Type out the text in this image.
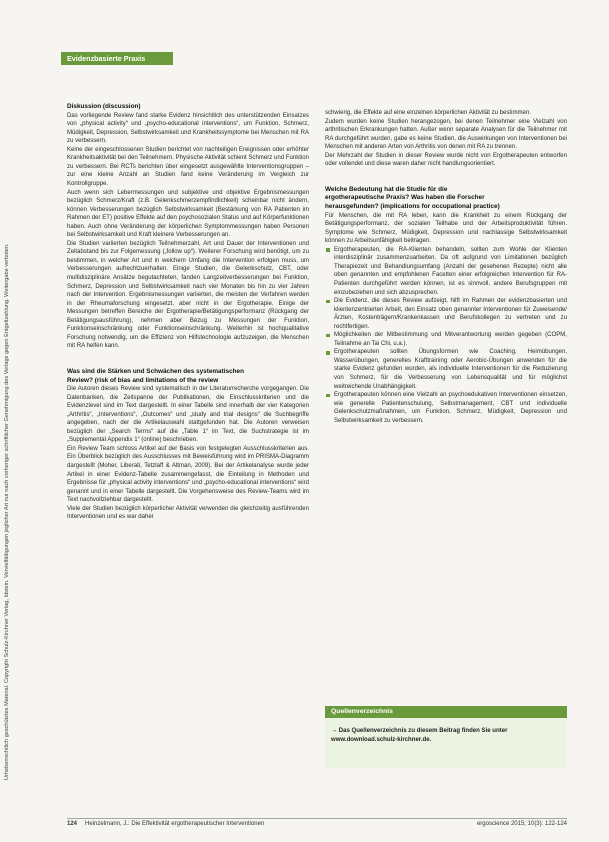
Evidenzbasierte Praxis
Urheberrechtlich geschütztes Material. Copyright Schulz-Kirchner Verlag, Idstein. Vervielfältigungen jeglicher Art nur nach vorheriger schriftlicher Genehmigung des Verlags gegen Entgeltzahlung. Weitergabe verboten.
Diskussion (discussion)

Das vorliegende Review fand starke Evidenz hinsichtlich des unterstützenden Einsatzes von „physical activity“ und „psycho-educational interventions“, um Funktion, Schmerz, Müdigkeit, Depression, Selbstwirksamkeit und Krankheitssymptome bei Menschen mit RA zu verbessern.

Keine der eingeschlossenen Studien berichtet von nachteiligen Ereignissen oder erhöhter Krankheitsaktivität bei den Teilnehmern. Physische Aktivität schient Schmerz und Funktion zu verbessern. Bei RCTs berichten über eingesetzt ausgewählte Interventionsgruppen – zur eine kleine Anzahl an Studien fand keine Veränderung im Vergleich zur Kontrollgruppe.

Auch wenn sich Lebermessungen und subjektive und objektive Ergebnismessungen bezüglich Schmerz/Kraft (z.B. Gelenkschmerzempfindlichkeit) scheinbar nicht ändern, können Verbesserungen bezüglich Selbstwirksamkeit (Bestärkung von RA Patienten im Rahmen der ET) positive Effekte auf den psychosozialen Status und auf Körperfunktionen haben. Auch ohne Veränderung der körperlichen Symptommessungen haben Personen bei Selbstwirksamkeit und Kraft kleinere Verbesserungen an.

Die Studien variierten bezüglich Teilnehmerzahl, Art und Dauer der Interventionen und Zeitabstand bis zur Folgemessung („follow up“). Weiterer Forschung wird benötigt, um zu bestimmen, in welcher Art und in welchem Umfang die Intervention erfolgen muss, um Verbesserungen aufrechtzuerhalten. Einige Studien, die Gelenkschutz, CBT, oder multidisziplinäre Ansätze begutachteten, fanden Langzeitverbesserungen bei Funktion, Schmerz, Depression und Selbstwirksamkeit nach vier Monaten bis hin zu vier Jahren nach der Intervention. Ergebnismessungen variierten, die meisten der Verfahren werden in der Rheumaforschung eingesetzt, aber nicht in der Ergotherapie. Einige der Messungen betreffen Bereiche der Ergotherapie/Betätigungsperformanz (Rückgang der Betätigungsausführung), nehmen aber Bezug zu Messungen der Funktion, Funktionseinschränkung oder Funktionseinschränkung. Weiterhin ist hochqualitative Forschung notwendig, um die Effizienz von Hilfstechnologie aufzuzeigen, die Menschen mit RA helfen kann.

Was sind die Stärken und Schwächen des systematischen
Review? (risk of bias and limitations of the review

Die Autoren dieses Review sind systematisch in der Literaturrecherche vorgegangen. Die Datenbanken, die Zeitspanne der Publikationen, die Einschlusskriterien und die Evidenzlevel sind im Text dargestellt. In einer Tabelle sind innerhalb der vier Kategorien „Arthritis“, „Interventions“, „Outcomes“ und „study and trial designs“ die Suchbegriffe angegeben, nach der die Artikelauswahl stattgefunden hat. Die Autoren verweisen bezüglich der „Search Terms“ auf die „Table 1“ im Text, die Suchstrategie ist im „Supplemental Appendix 1“ (online) beschrieben.

Ein Review Team schloss Artikel auf der Basis von festgelegten Ausschlusskriterien aus. Ein Überblick bezüglich des Ausschlusses mit Beweisführung wird im PRISMA-Diagramm dargestellt (Moher, Liberati, Tetzlaff & Altman, 2009). Bei der Artikelanalyse wurde jeder Artikel in einer Evidenz-Tabelle zusammengefasst, die Einteilung in Methoden und Ergebnisse für „physical activity interventions“ und „psycho-educational interventions“ wird genannt und in einer Tabelle dargestellt. Die Vorgehensweise des Review-Teams wird im Text nachvollziehbar dargestellt.

Viele der Studien bezüglich körperlicher Aktivität verwenden die gleichzeitig ausführenden Interventionen und es war daher

schwierig, die Effekte auf eine einzelnen körperlichen Aktivität zu bestimmen.

Zudem wurden keine Studien herangezogen, bei denen Teilnehmer eine Vielzahl von arthritischen Erkrankungen hatten. Außer wenn separate Analysen für die Teilnehmer mit RA durchgeführt wurden, gabe es keine Studien, die Auswirkungen von Interventionen bei Menschen mit anderen Arten von Arthritis von denen mit RA zu trennen.

Der Mehrzahl der Studien in dieser Review wurde nicht von Ergotherapeuten entworfen oder vollendet und diese waren daher nicht handlungsorientiert.

Welche Bedeutung hat die Studie für die
ergotherapeutische Praxis? Was haben die Forscher
herausgefunden? (implications for occupational practice)

Für Menschen, die mit RA leben, kann die Krankheit zu einem Rückgang der Betätigungsperformanz, der sozialen Teilhabe und der Arbeitsproduktivität führen. Symptome wie Schmerz, Müdigkeit, Depression und nachlassige Selbstwirksamkeit können zu Arbeitsunfähigkeit beitragen.

Ergotherapeuten, die RA-Klienten behandeln, sollten zum Wohle der Klienten interdisziplinär zusammenzuarbeiten. Da oft aufgrund von Limitationen bezüglich Therapiezeit und Behandlungsumfang (Anzahl der gesehenen Rezepte) nicht alle oben genannten und empfohlenen Facetten einer erfolgreichen Intervention für RA-Patienten durchgeführt werden können, ist es sinnvoll, andere Berufsgruppen mit einzubeziehen und sich abzusprechen.
Die Evidenz, die dieses Review aufzeigt, hilft im Rahmen der evidenzbasierten und klientenzentrierten Arbeit, den Einsatz oben genannter Interventionen für Zuweisende/Ärzten, Kostenträgern/Krankenkassen und Berufskollegen zu vertreten und zu rechtfertigen.
Möglichkeiten der Mitbestimmung und Mitverantwortung werden gegeben (COPM, Teilnahme an Tai Chi, u.a.).
Ergotherapeuten sollten Übungsformen wie Coaching, Heimübungen, Wasserübungen, generelles Krafttraining oder Aerobic-Übungen anwenden für die starke Evidenz gefunden wurden, als individuelle Interventionen für die Reduzierung von Schmerz, für die Verbesserung von Lebensqualität und für möglichst weitreichende Unabhängigkeit.
Ergotherapeuten können eine Vielzahl an psychoedukativen Interventionen einsetzen, wie generelle Patientenschulung, Selbstmanagement, CBT und individuelle Gelenkschutzmaßnahmen, um Funktion, Schmerz, Müdigkeit, Depression und Selbstwirksamkeit zu verbessern.
Quellenverzeichnis
→ Das Quellenverzeichnis zu diesem Beitrag finden Sie unter www.download.schulz-kirchner.de.
124 Heinzelmann, J.: Die Effektivität ergotherapeutischer Interventionen	ergoscience 2015; 10(3): 122-124
